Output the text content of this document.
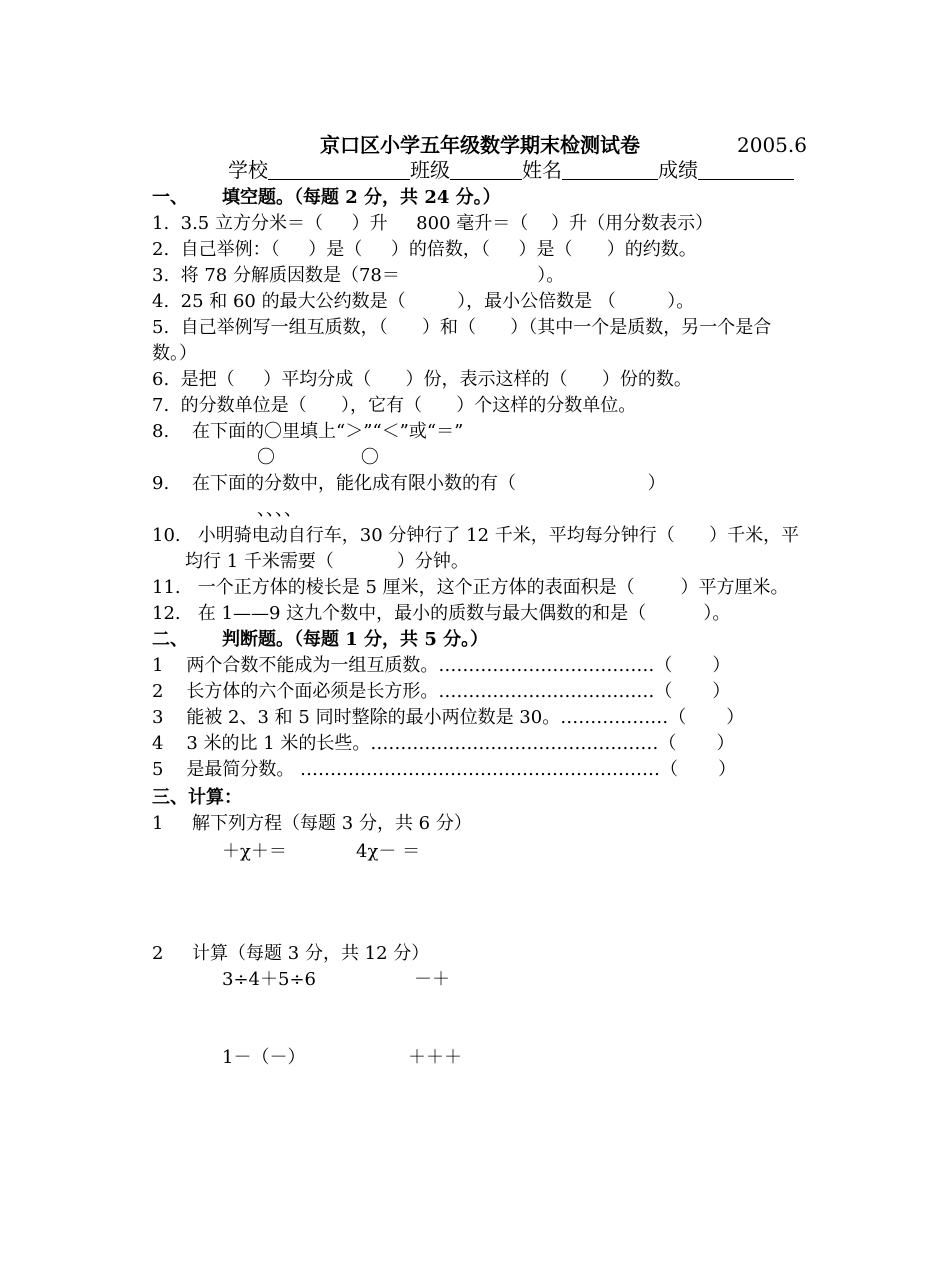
京口区小学五年级数学期末检测试卷	2005.6
学校	班级	姓名	成绩
一、 填空题。（每题 2 分，共 24 分。）
1.  3.5 立方分米＝（     ）升     800 毫升＝（    ）升（用分数表示）
2.  自己举例：（     ）是（     ）的倍数，（     ）是（      ）的约数。
3.  将 78 分解质因数是（78＝                        ）。
4.  25 和 60 的最大公约数是（         ），最小公倍数是 （         ）。
5.  自己举例写一组互质数，（      ）和（      ）（其中一个是质数，另一个是合
数。）
6.  是把（     ）平均分成（      ）份，表示这样的（      ）份的数。
7.  的分数单位是（      ），它有（      ）个这样的分数单位。
8.    在下面的〇里填上“＞”“＜”或“＝”
〇               〇
9.    在下面的分数中，能化成有限小数的有（                       ）
、、、、
10.   小明骑电动自行车，30 分钟行了 12 千米，平均每分钟行（      ）千米，平
均行 1 千米需要（           ）分钟。
11.   一个正方体的棱长是 5 厘米，这个正方体的表面积是（        ）平方厘米。
12.   在 1——9 这九个数中，最小的质数与最大偶数的和是（          ）。
二、 判断题。（每题 1 分，共 5 分。）
1    两个合数不能成为一组互质数。………………………………（       ）
2    长方体的六个面必须是长方形。………………………………（       ）
3    能被 2、3 和 5 同时整除的最小两位数是 30。………………（       ）
4    3 米的比 1 米的长些。…………………………………………（       ）
5    是最简分数。 ……………………………………………………（       ）
三、计算：
1     解下列方程（每题 3 分，共 6 分）
＋χ＋＝	4χ－ ＝
2     计算（每题 3 分，共 12 分）
3÷4＋5÷6	－＋
1－（－）	＋＋＋
